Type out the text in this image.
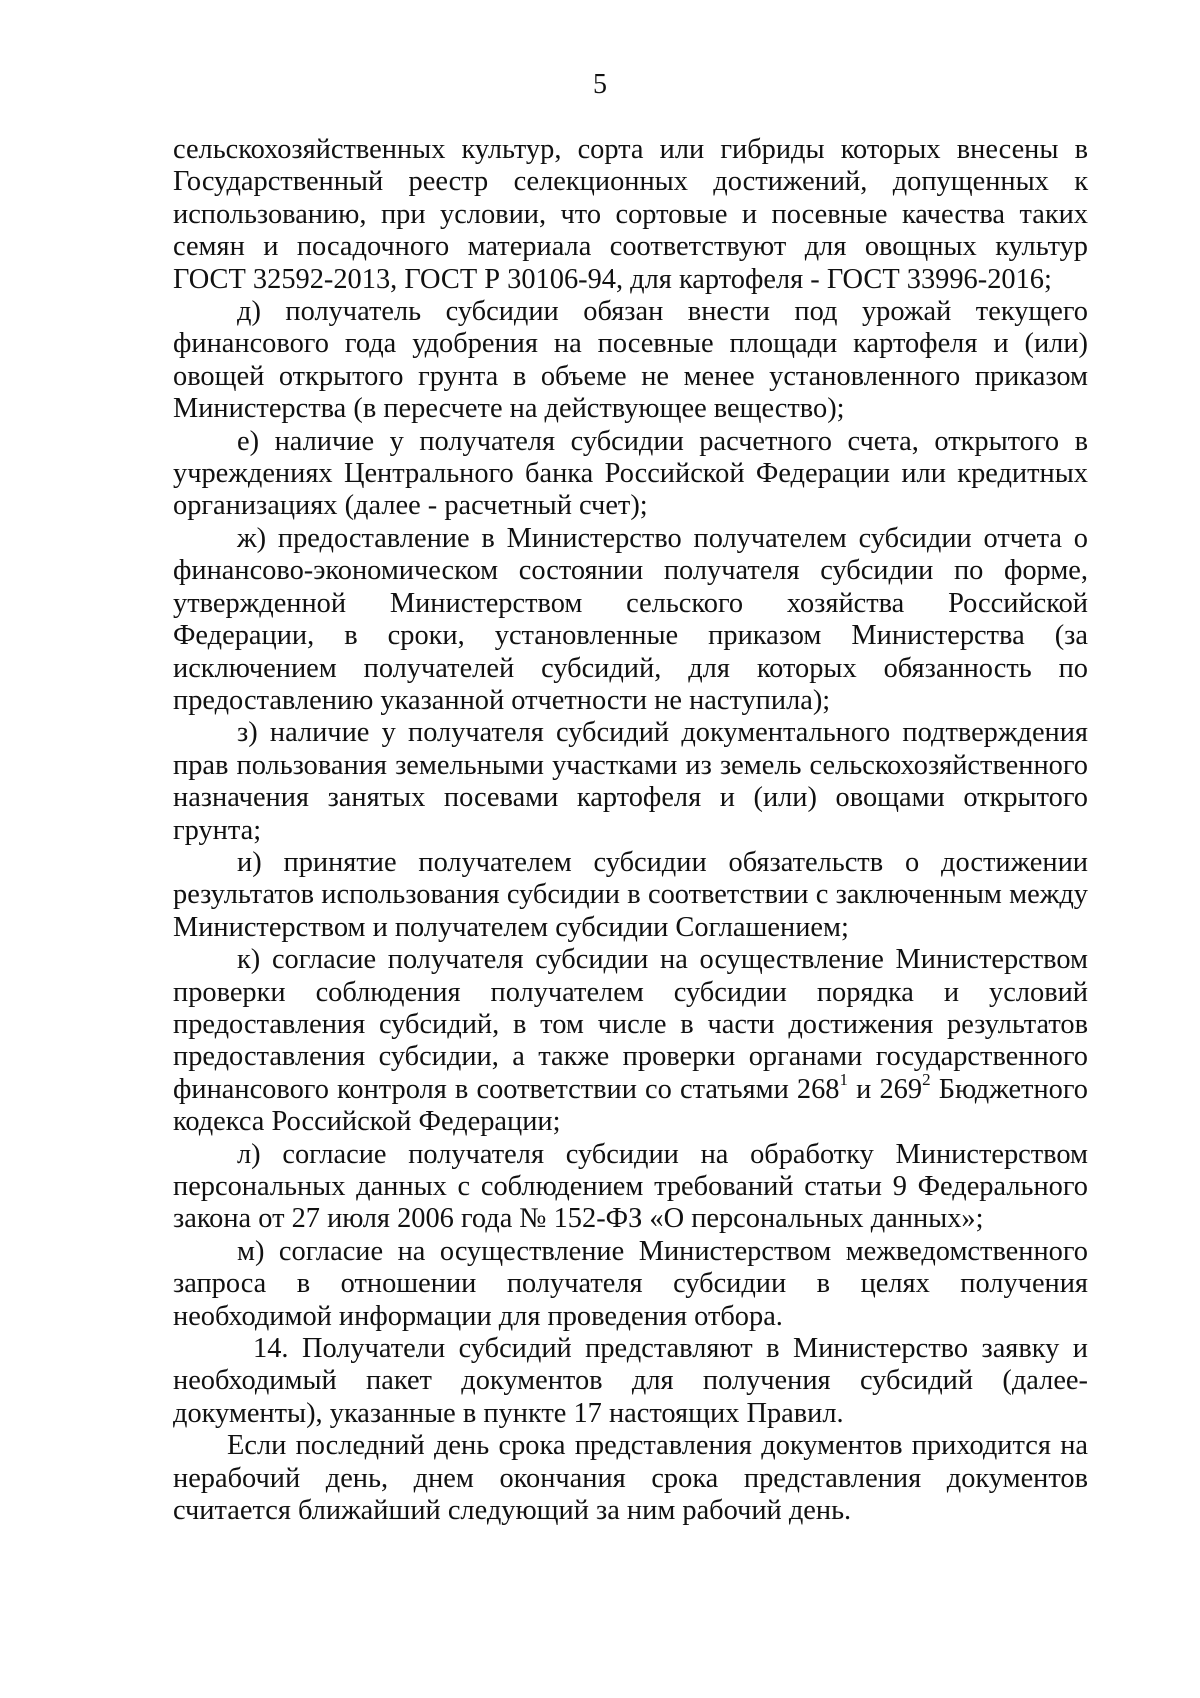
5

сельскохозяйственных культур, сорта или гибриды которых внесены в Государственный реестр селекционных достижений, допущенных к использованию, при условии, что сортовые и посевные качества таких семян и посадочного материала соответствуют для овощных культур ГОСТ 32592-2013, ГОСТ Р 30106-94, для картофеля - ГОСТ 33996-2016;

д) получатель субсидии обязан внести под урожай текущего финансового года удобрения на посевные площади картофеля и (или) овощей открытого грунта в объеме не менее установленного приказом Министерства (в пересчете на действующее вещество);

е) наличие у получателя субсидии расчетного счета, открытого в учреждениях Центрального банка Российской Федерации или кредитных организациях (далее - расчетный счет);

ж) предоставление в Министерство получателем субсидии отчета о финансово-экономическом состоянии получателя субсидии по форме, утвержденной Министерством сельского хозяйства Российской Федерации, в сроки, установленные приказом Министерства (за исключением получателей субсидий, для которых обязанность по предоставлению указанной отчетности не наступила);

з) наличие у получателя субсидий документального подтверждения прав пользования земельными участками из земель сельскохозяйственного назначения занятых посевами картофеля и (или) овощами открытого грунта;

и) принятие получателем субсидии обязательств о достижении результатов использования субсидии в соответствии с заключенным между Министерством и получателем субсидии Соглашением;

к) согласие получателя субсидии на осуществление Министерством проверки соблюдения получателем субсидии порядка и условий предоставления субсидий, в том числе в части достижения результатов предоставления субсидии, а также проверки органами государственного финансового контроля в соответствии со статьями $268^1$ и $269^2$ Бюджетного кодекса Российской Федерации;

л) согласие получателя субсидии на обработку Министерством персональных данных с соблюдением требований статьи 9 Федерального закона от 27 июля 2006 года № 152-ФЗ «О персональных данных»;

м) согласие на осуществление Министерством межведомственного запроса в отношении получателя субсидии в целях получения необходимой информации для проведения отбора.

14. Получатели субсидий представляют в Министерство заявку и необходимый пакет документов для получения субсидий (далее-документы), указанные в пункте 17 настоящих Правил.

Если последний день срока представления документов приходится на нерабочий день, днем окончания срока представления документов считается ближайший следующий за ним рабочий день.
